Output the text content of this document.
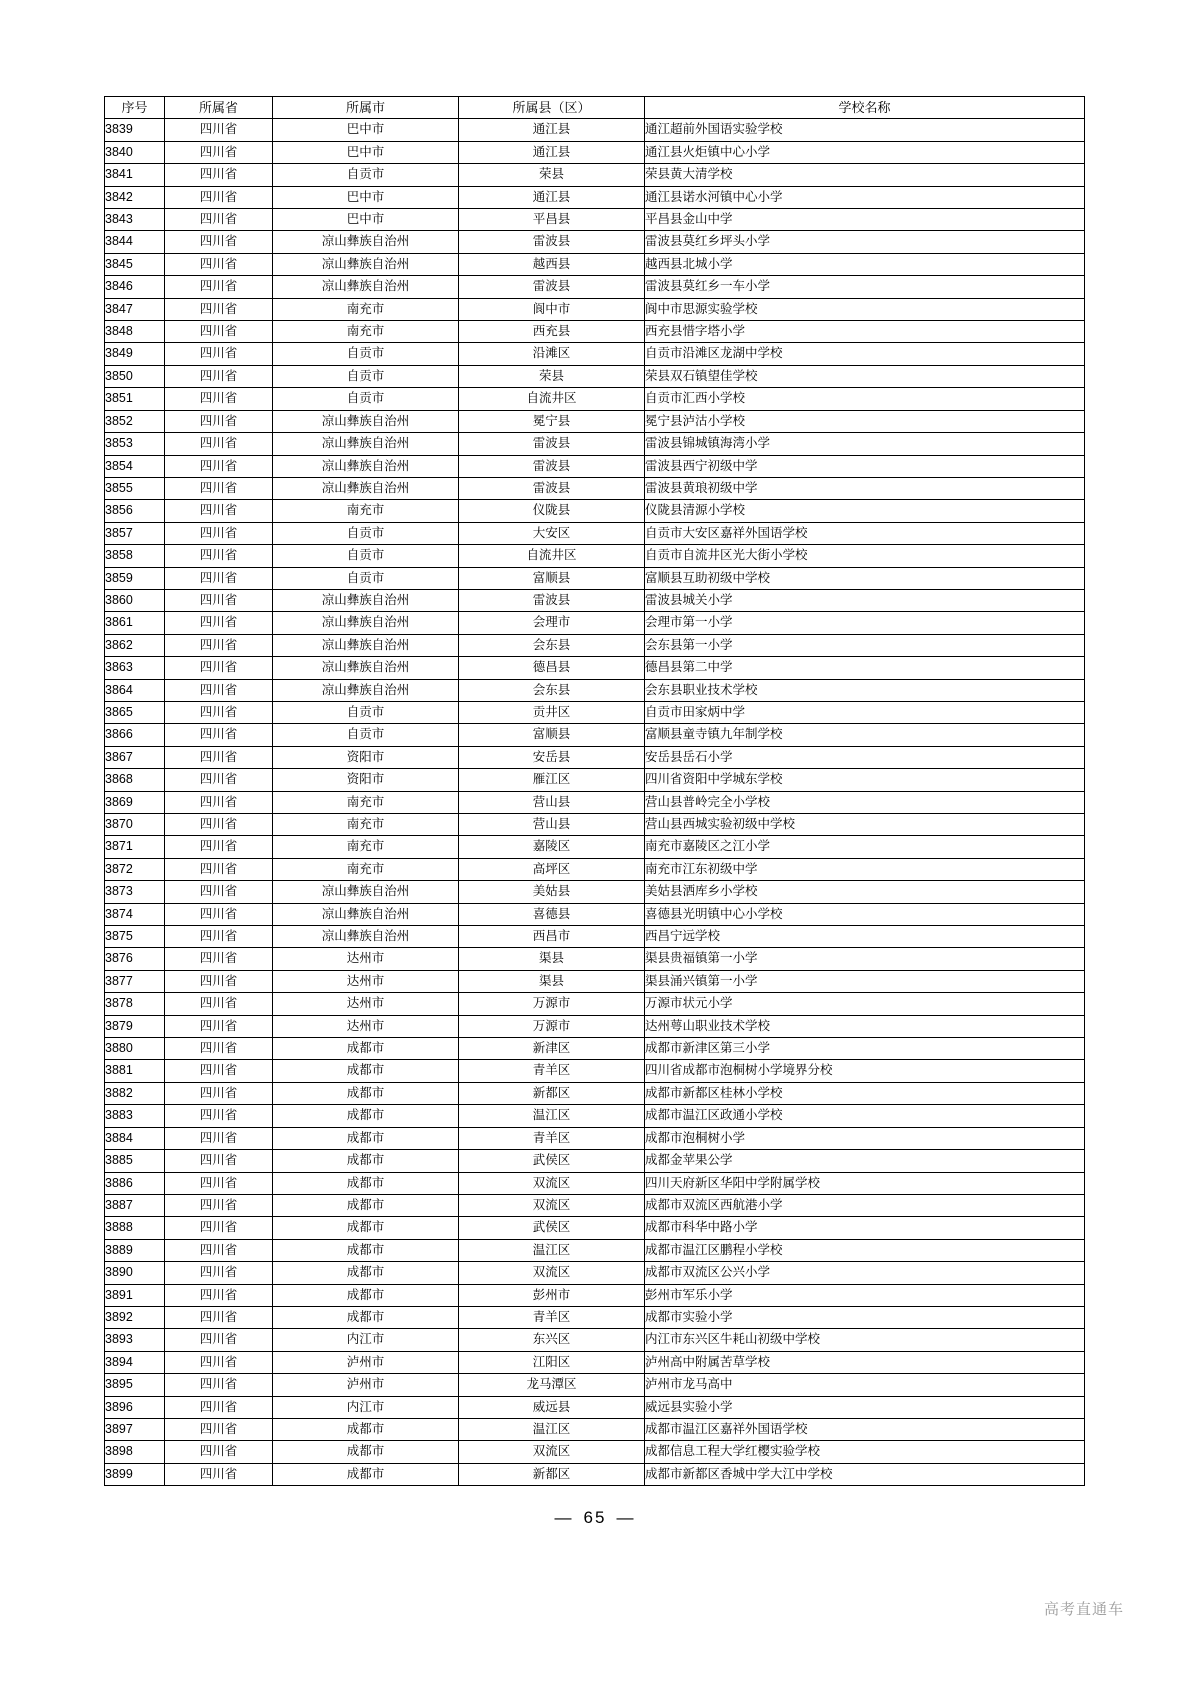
序号	所属省	所属市	所属县（区）	学校名称
3839	四川省	巴中市	通江县	通江超前外国语实验学校
3840	四川省	巴中市	通江县	通江县火炬镇中心小学
3841	四川省	自贡市	荣县	荣县黄大清学校
3842	四川省	巴中市	通江县	通江县诺水河镇中心小学
3843	四川省	巴中市	平昌县	平昌县金山中学
3844	四川省	凉山彝族自治州	雷波县	雷波县莫红乡坪头小学
3845	四川省	凉山彝族自治州	越西县	越西县北城小学
3846	四川省	凉山彝族自治州	雷波县	雷波县莫红乡一车小学
3847	四川省	南充市	阆中市	阆中市思源实验学校
3848	四川省	南充市	西充县	西充县惜字塔小学
3849	四川省	自贡市	沿滩区	自贡市沿滩区龙湖中学校
3850	四川省	自贡市	荣县	荣县双石镇望佳学校
3851	四川省	自贡市	自流井区	自贡市汇西小学校
3852	四川省	凉山彝族自治州	冕宁县	冕宁县泸沽小学校
3853	四川省	凉山彝族自治州	雷波县	雷波县锦城镇海湾小学
3854	四川省	凉山彝族自治州	雷波县	雷波县西宁初级中学
3855	四川省	凉山彝族自治州	雷波县	雷波县黄琅初级中学
3856	四川省	南充市	仪陇县	仪陇县清源小学校
3857	四川省	自贡市	大安区	自贡市大安区嘉祥外国语学校
3858	四川省	自贡市	自流井区	自贡市自流井区光大街小学校
3859	四川省	自贡市	富顺县	富顺县互助初级中学校
3860	四川省	凉山彝族自治州	雷波县	雷波县城关小学
3861	四川省	凉山彝族自治州	会理市	会理市第一小学
3862	四川省	凉山彝族自治州	会东县	会东县第一小学
3863	四川省	凉山彝族自治州	德昌县	德昌县第二中学
3864	四川省	凉山彝族自治州	会东县	会东县职业技术学校
3865	四川省	自贡市	贡井区	自贡市田家炳中学
3866	四川省	自贡市	富顺县	富顺县童寺镇九年制学校
3867	四川省	资阳市	安岳县	安岳县岳石小学
3868	四川省	资阳市	雁江区	四川省资阳中学城东学校
3869	四川省	南充市	营山县	营山县普岭完全小学校
3870	四川省	南充市	营山县	营山县西城实验初级中学校
3871	四川省	南充市	嘉陵区	南充市嘉陵区之江小学
3872	四川省	南充市	高坪区	南充市江东初级中学
3873	四川省	凉山彝族自治州	美姑县	美姑县洒库乡小学校
3874	四川省	凉山彝族自治州	喜德县	喜德县光明镇中心小学校
3875	四川省	凉山彝族自治州	西昌市	西昌宁远学校
3876	四川省	达州市	渠县	渠县贵福镇第一小学
3877	四川省	达州市	渠县	渠县涌兴镇第一小学
3878	四川省	达州市	万源市	万源市状元小学
3879	四川省	达州市	万源市	达州萼山职业技术学校
3880	四川省	成都市	新津区	成都市新津区第三小学
3881	四川省	成都市	青羊区	四川省成都市泡桐树小学境界分校
3882	四川省	成都市	新都区	成都市新都区桂林小学校
3883	四川省	成都市	温江区	成都市温江区政通小学校
3884	四川省	成都市	青羊区	成都市泡桐树小学
3885	四川省	成都市	武侯区	成都金苹果公学
3886	四川省	成都市	双流区	四川天府新区华阳中学附属学校
3887	四川省	成都市	双流区	成都市双流区西航港小学
3888	四川省	成都市	武侯区	成都市科华中路小学
3889	四川省	成都市	温江区	成都市温江区鹏程小学校
3890	四川省	成都市	双流区	成都市双流区公兴小学
3891	四川省	成都市	彭州市	彭州市军乐小学
3892	四川省	成都市	青羊区	成都市实验小学
3893	四川省	内江市	东兴区	内江市东兴区牛耗山初级中学校
3894	四川省	泸州市	江阳区	泸州高中附属苦草学校
3895	四川省	泸州市	龙马潭区	泸州市龙马高中
3896	四川省	内江市	威远县	威远县实验小学
3897	四川省	成都市	温江区	成都市温江区嘉祥外国语学校
3898	四川省	成都市	双流区	成都信息工程大学红樱实验学校
3899	四川省	成都市	新都区	成都市新都区香城中学大江中学校
— 65 —
高考直通车
